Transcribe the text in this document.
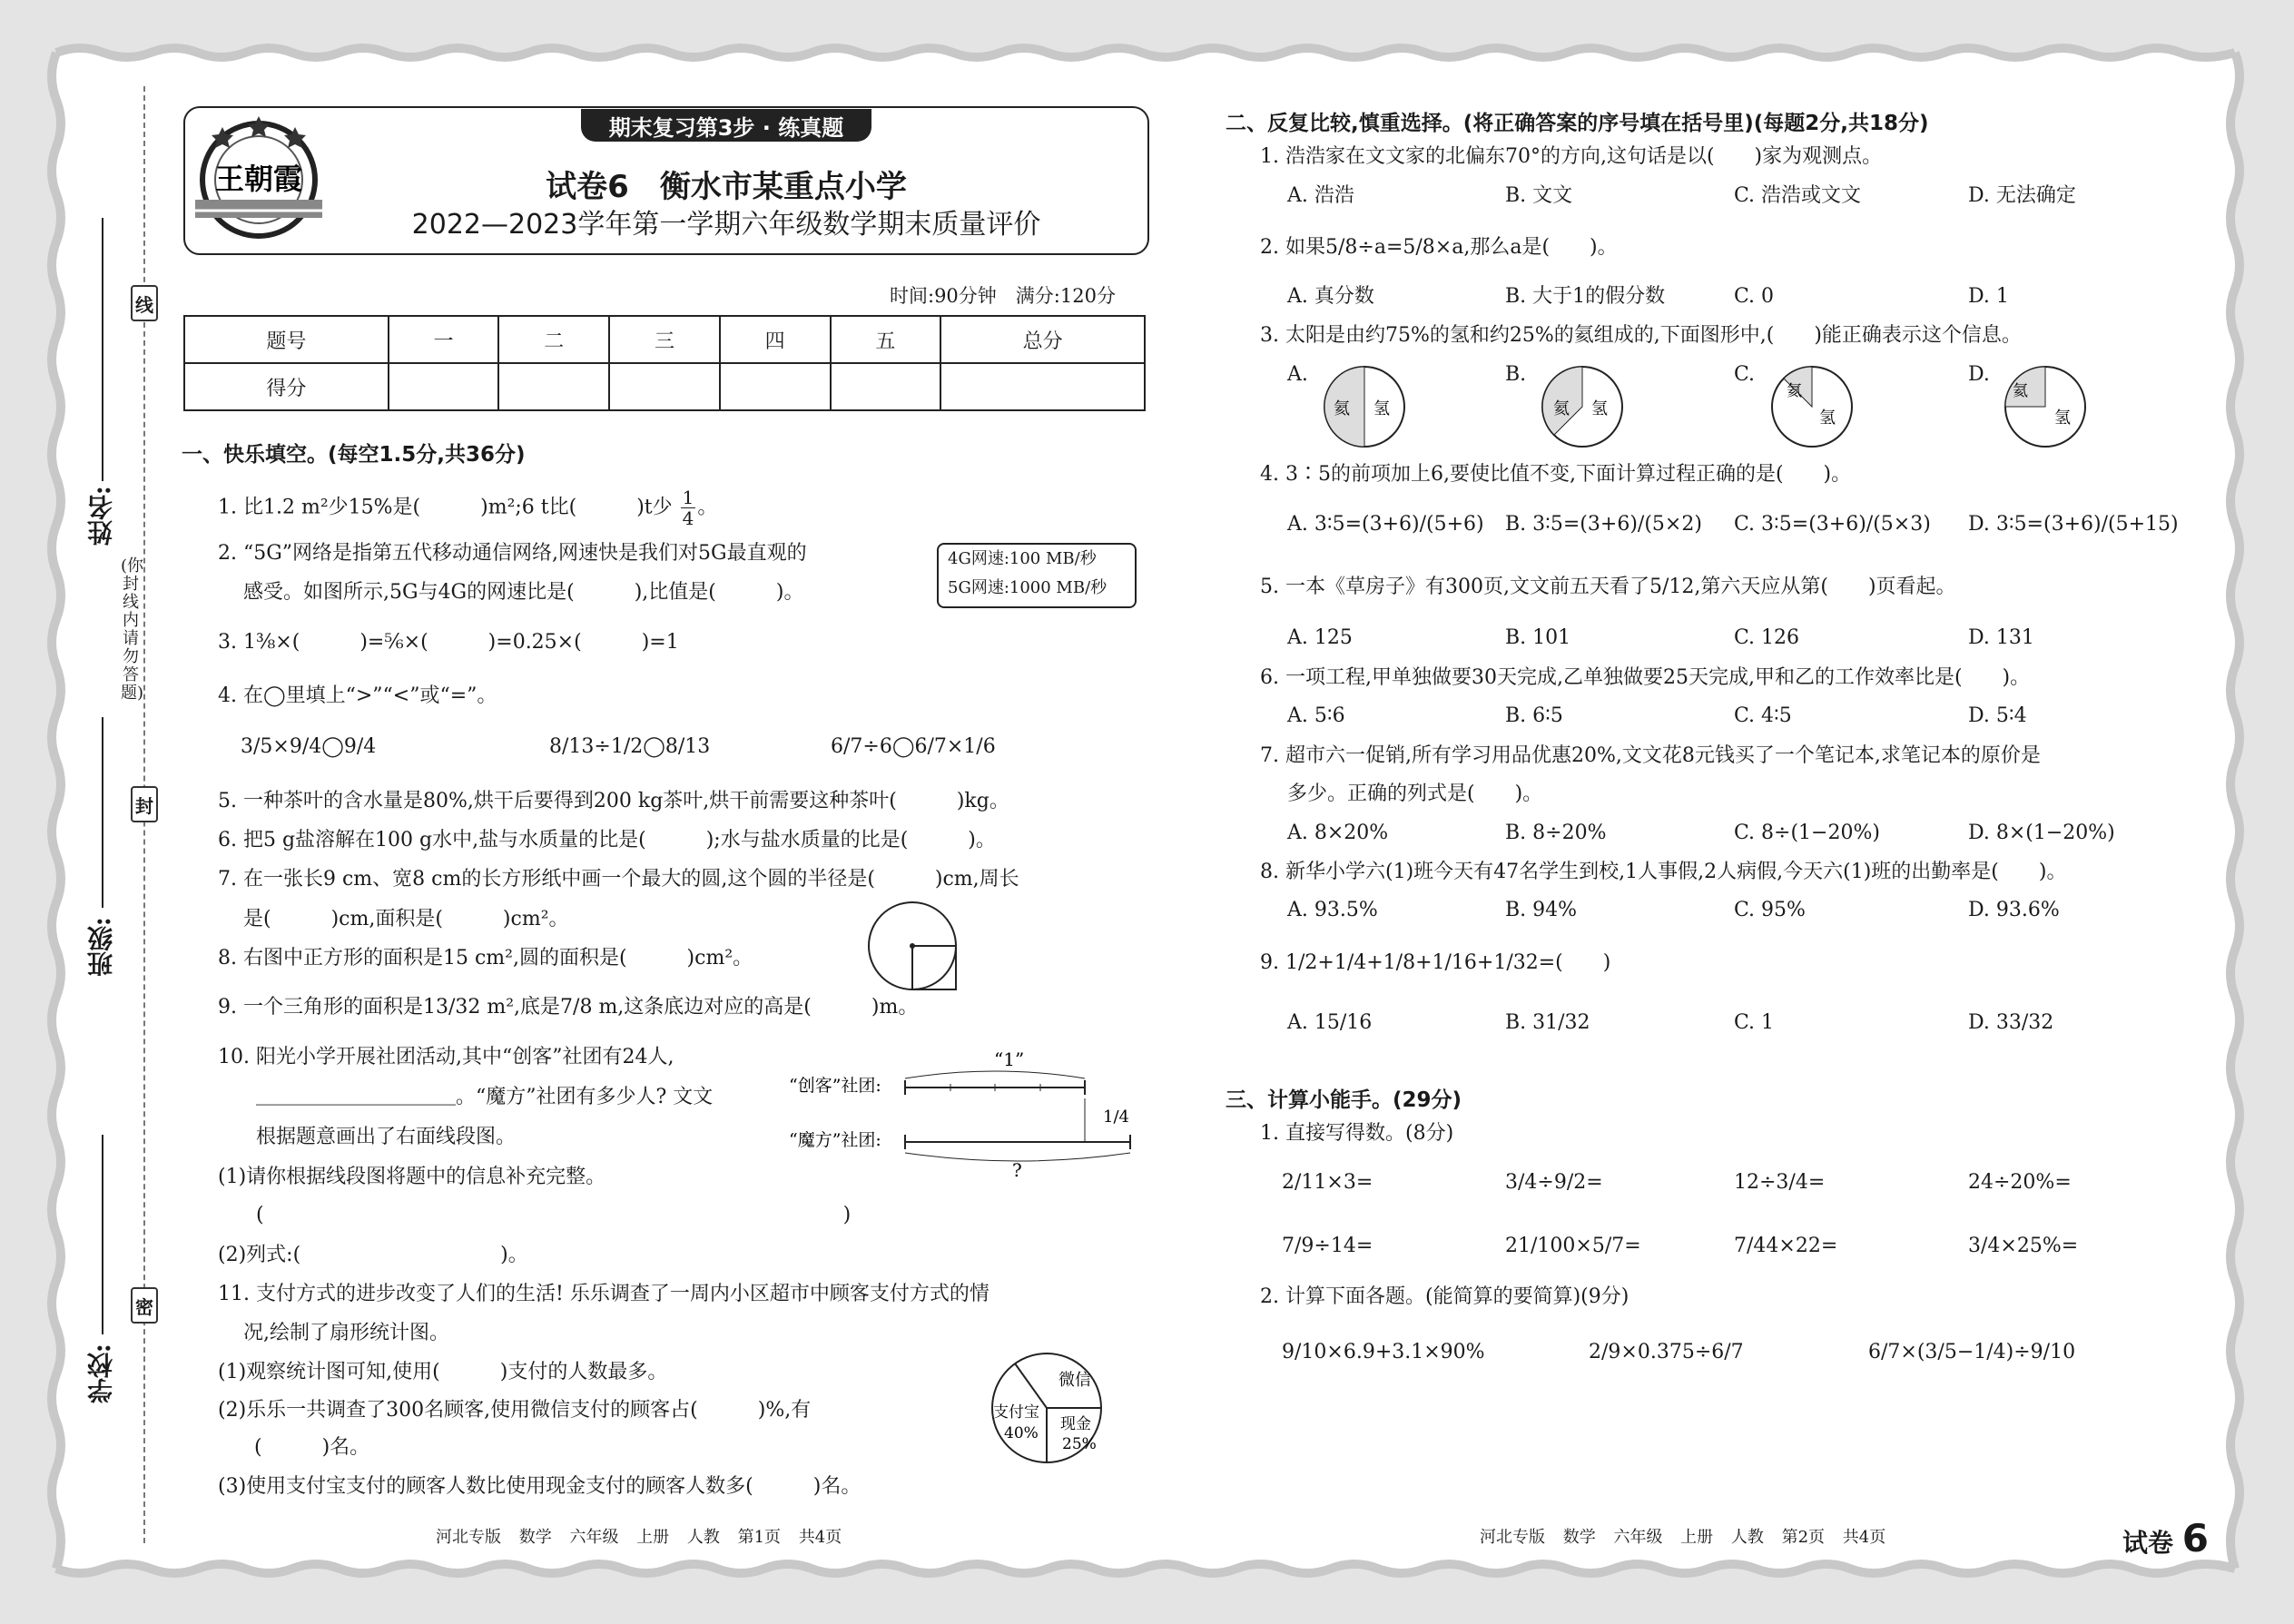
线
封
密
姓名:
班级:
学校:
(你封线内请勿答题)
王朝霞
期末复习第3步 · 练真题
试卷6　衡水市某重点小学
2022—2023学年第一学期六年级数学期末质量评价
时间:90分钟　满分:120分
题号	一	二	三	四	五	总分
得分						
一、快乐填空。(每空1.5分,共36分)
1. 比1.2 m²少15%是(　　　)m²;6 t比(　　　)t少 $\frac{1}{4}$ 。
2. “5G”网络是指第五代移动通信网络,网速快是我们对5G最直观的
感受。如图所示,5G与4G的网速比是(　　　),比值是(　　　)。
4G网速:100 MB/秒
5G网速:1000 MB/秒
3. 1⅜×(　　　)=⅚×(　　　)=0.25×(　　　)=1
4. 在◯里填上“>”“<”或“=”。
3/5×9/4◯9/4	8/13÷1/2◯8/13	6/7÷6◯6/7×1/6
5. 一种茶叶的含水量是80%,烘干后要得到200 kg茶叶,烘干前需要这种茶叶(　　　)kg。
6. 把5 g盐溶解在100 g水中,盐与水质量的比是(　　　);水与盐水质量的比是(　　　)。
7. 在一张长9 cm、宽8 cm的长方形纸中画一个最大的圆,这个圆的半径是(　　　)cm,周长
是(　　　)cm,面积是(　　　)cm²。
8. 右图中正方形的面积是15 cm²,圆的面积是(　　　)cm²。
9. 一个三角形的面积是13/32 m²,底是7/8 m,这条底边对应的高是(　　　)m。
10. 阳光小学开展社团活动,其中“创客”社团有24人,
＿＿＿＿＿＿＿＿＿＿。“魔方”社团有多少人? 文文
根据题意画出了右面线段图。
“1”
“创客”社团:
“魔方”社团:
?
1/4
(1)请你根据线段图将题中的信息补充完整。
(　　　　　　　　　　　　　　　　　　　　　　　　　　　　　)
(2)列式:(　　　　　　　　　　)。
11. 支付方式的进步改变了人们的生活! 乐乐调查了一周内小区超市中顾客支付方式的情
况,绘制了扇形统计图。
(1)观察统计图可知,使用(　　　)支付的人数最多。
(2)乐乐一共调查了300名顾客,使用微信支付的顾客占(　　　)%,有
(　　　)名。
(3)使用支付宝支付的顾客人数比使用现金支付的顾客人数多(　　　)名。
微信
支付宝
40% 现金
25%
河北专版 数学 六年级 上册 人教 第1页 共4页
二、反复比较,慎重选择。(将正确答案的序号填在括号里)(每题2分,共18分)
1. 浩浩家在文文家的北偏东70°的方向,这句话是以(　　)家为观测点。
A. 浩浩	B. 文文	C. 浩浩或文文	D. 无法确定
2. 如果5/8÷a=5/8×a,那么a是(　　)。
A. 真分数	B. 大于1的假分数	C. 0	D. 1
3. 太阳是由约75%的氢和约25%的氦组成的,下面图形中,(　　)能正确表示这个信息。
A.	B.	C.	D.
氦 氢	氦 氢
氦
氢
氦
氢
4. 3∶5的前项加上6,要使比值不变,下面计算过程正确的是(　　)。
A. 3∶5=(3+6)/(5+6) B. 3∶5=(3+6)/(5×2) C. 3∶5=(3+6)/(5×3) D. 3∶5=(3+6)/(5+15)
5. 一本《草房子》有300页,文文前五天看了5/12,第六天应从第(　　)页看起。
A. 125	B. 101	C. 126	D. 131
6. 一项工程,甲单独做要30天完成,乙单独做要25天完成,甲和乙的工作效率比是(　　)。
A. 5∶6	B. 6∶5	C. 4∶5	D. 5∶4
7. 超市六一促销,所有学习用品优惠20%,文文花8元钱买了一个笔记本,求笔记本的原价是
多少。正确的列式是(　　)。
A. 8×20%	B. 8÷20%	C. 8÷(1−20%)	D. 8×(1−20%)
8. 新华小学六(1)班今天有47名学生到校,1人事假,2人病假,今天六(1)班的出勤率是(　　)。
A. 93.5%	B. 94%	C. 95%	D. 93.6%
9. 1/2+1/4+1/8+1/16+1/32=(　　)
A. 15/16	B. 31/32	C. 1	D. 33/32
三、计算小能手。(29分)
1. 直接写得数。(8分)
2/11×3=	3/4÷9/2=	12÷3/4=	24÷20%=
7/9÷14=	21/100×5/7=	7/44×22=	3/4×25%=
2. 计算下面各题。(能简算的要简算)(9分)
9/10×6.9+3.1×90%	2/9×0.375÷6/7	6/7×(3/5−1/4)÷9/10
河北专版 数学 六年级 上册 人教 第2页 共4页	试卷 6
